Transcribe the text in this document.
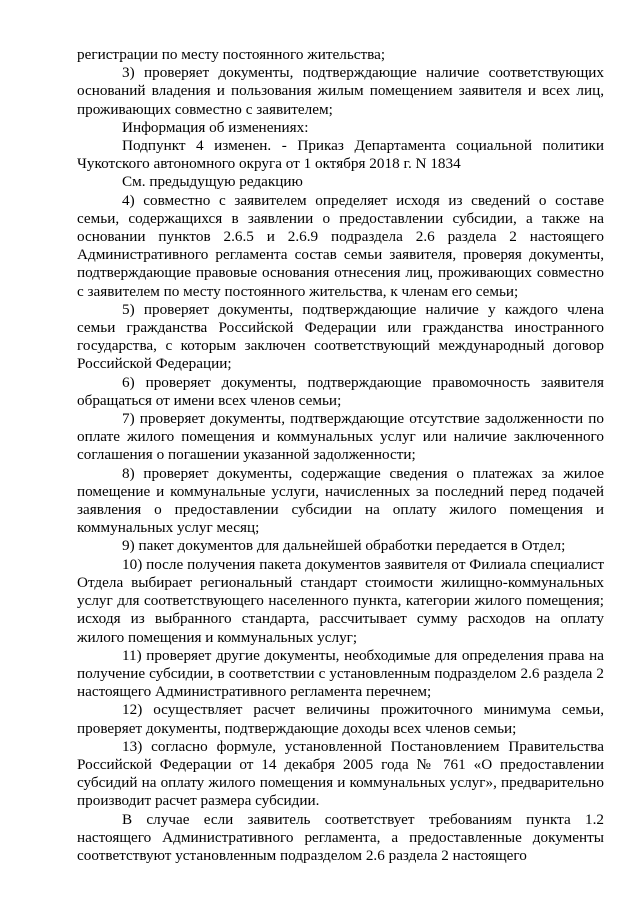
регистрации по месту постоянного жительства;

3) проверяет документы, подтверждающие наличие соответствующих оснований владения и пользования жилым помещением заявителя и всех лиц, проживающих совместно с заявителем;

Информация об изменениях:

Подпункт 4 изменен. - Приказ Департамента социальной политики Чукотского автономного округа от 1 октября 2018 г. N 1834

См. предыдущую редакцию

4) совместно с заявителем определяет исходя из сведений о составе семьи, содержащихся в заявлении о предоставлении субсидии, а также на основании пунктов 2.6.5 и 2.6.9 подраздела 2.6 раздела 2 настоящего Административного регламента состав семьи заявителя, проверяя документы, подтверждающие правовые основания отнесения лиц, проживающих совместно с заявителем по месту постоянного жительства, к членам его семьи;

5) проверяет документы, подтверждающие наличие у каждого члена семьи гражданства Российской Федерации или гражданства иностранного государства, с которым заключен соответствующий международный договор Российской Федерации;

6) проверяет документы, подтверждающие правомочность заявителя обращаться от имени всех членов семьи;

7) проверяет документы, подтверждающие отсутствие задолженности по оплате жилого помещения и коммунальных услуг или наличие заключенного соглашения о погашении указанной задолженности;

8) проверяет документы, содержащие сведения о платежах за жилое помещение и коммунальные услуги, начисленных за последний перед подачей заявления о предоставлении субсидии на оплату жилого помещения и коммунальных услуг месяц;

9) пакет документов для дальнейшей обработки передается в Отдел;

10) после получения пакета документов заявителя от Филиала специалист Отдела выбирает региональный стандарт стоимости жилищно-коммунальных услуг для соответствующего населенного пункта, категории жилого помещения; исходя из выбранного стандарта, рассчитывает сумму расходов на оплату жилого помещения и коммунальных услуг;

11) проверяет другие документы, необходимые для определения права на получение субсидии, в соответствии с установленным подразделом 2.6 раздела 2 настоящего Административного регламента перечнем;

12) осуществляет расчет величины прожиточного минимума семьи, проверяет документы, подтверждающие доходы всех членов семьи;

13) согласно формуле, установленной Постановлением Правительства Российской Федерации от 14 декабря 2005 года № 761 «О предоставлении субсидий на оплату жилого помещения и коммунальных услуг», предварительно производит расчет размера субсидии.

В случае если заявитель соответствует требованиям пункта 1.2 настоящего Административного регламента, а предоставленные документы соответствуют установленным подразделом 2.6 раздела 2 настоящего
